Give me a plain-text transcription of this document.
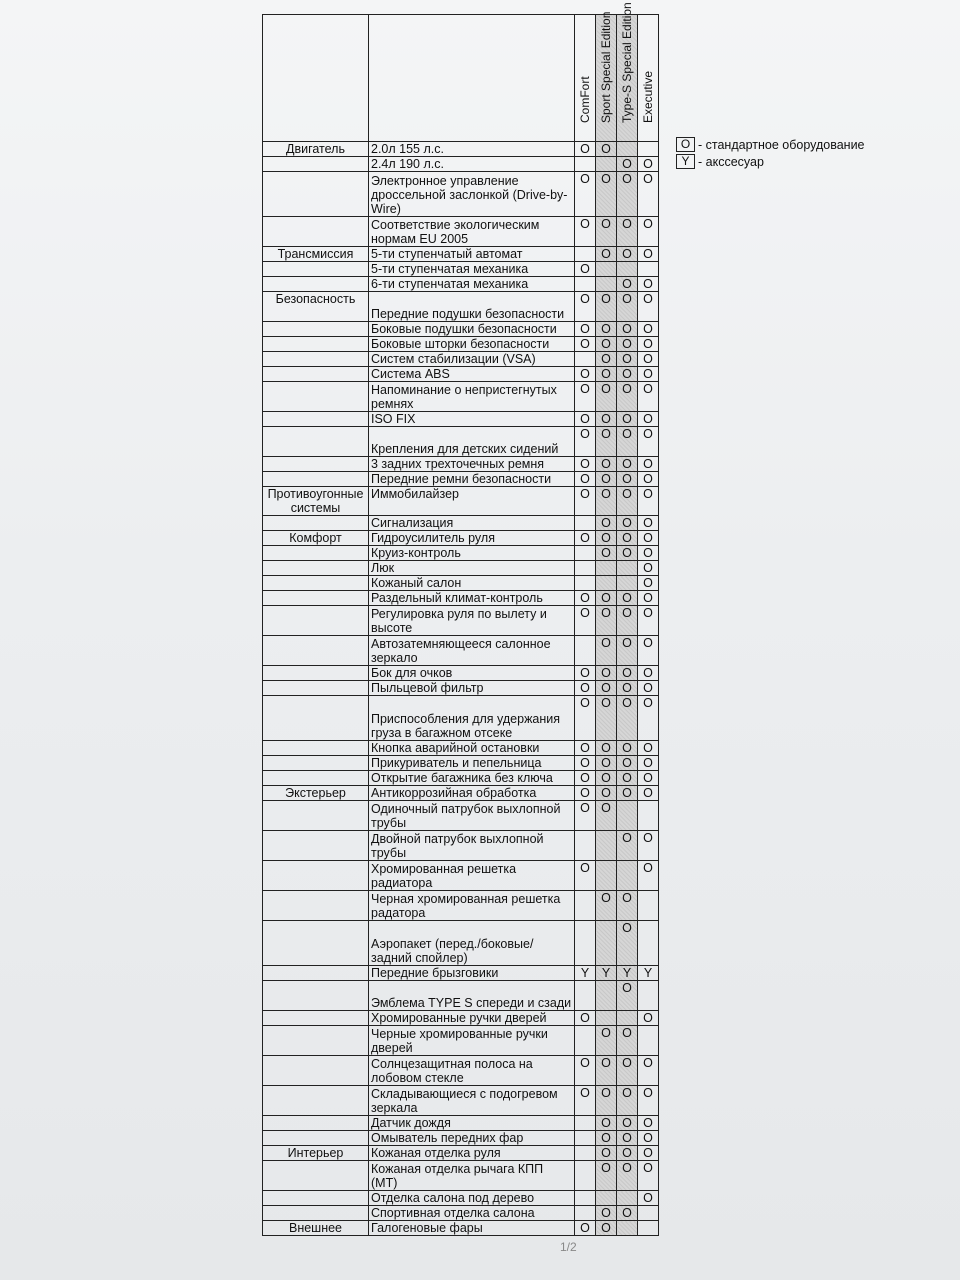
		ComFort	Sport Special Edition	Type-S Special Edition	Executive

Двигатель	2.0л 155 л.с.	O	O		
	2.4л 190 л.с.			O	O
	Электронное управление дроссельной заслонкой (Drive-by-Wire)	O	O	O	O
	Соответствие экологическим нормам EU 2005	O	O	O	O
Трансмиссия	5-ти ступенчатый автомат		O	O	O
	5-ти ступенчатая механика	O			
	6-ти ступенчатая механика			O	O
Безопасность	Передние подушки безопасности	O	O	O	O
	Боковые подушки безопасности	O	O	O	O
	Боковые шторки безопасности	O	O	O	O
	Систем стабилизации (VSA)		O	O	O
	Система ABS	O	O	O	O
	Напоминание о непристегнутых ремнях	O	O	O	O
	ISO FIX	O	O	O	O
	Крепления для детских сидений	O	O	O	O
	3 задних трехточечных ремня	O	O	O	O
	Передние ремни безопасности	O	O	O	O
Противоугонные системы	Иммобилайзер	O	O	O	O
	Сигнализация		O	O	O
Комфорт	Гидроусилитель руля	O	O	O	O
	Круиз-контроль		O	O	O
	Люк				O
	Кожаный салон				O
	Раздельный климат-контроль	O	O	O	O
	Регулировка руля по вылету и высоте	O	O	O	O
	Автозатемняющееся салонное зеркало		O	O	O
	Бок для очков	O	O	O	O
	Пыльцевой фильтр	O	O	O	O
	Приспособления для удержания груза в багажном отсеке	O	O	O	O
	Кнопка аварийной остановки	O	O	O	O
	Прикуриватель и пепельница	O	O	O	O
	Открытие багажника без ключа	O	O	O	O
Экстерьер	Антикоррозийная обработка	O	O	O	O
	Одиночный патрубок выхлопной трубы	O	O		
	Двойной патрубок выхлопной трубы			O	O
	Хромированная решетка радиатора	O			O
	Черная хромированная решетка радатора		O	O	
	Аэропакет (перед./боковые/задний спойлер)			O	
	Передние брызговики	Y	Y	Y	Y
	Эмблема TYPE S спереди и сзади			O	
	Хромированные ручки дверей	O			O
	Черные хромированные ручки дверей		O	O	
	Солнцезащитная полоса на лобовом стекле	O	O	O	O
	Складывающиеся с подогревом зеркала	O	O	O	O
	Датчик дождя		O	O	O
	Омыватель передних фар		O	O	O
Интерьер	Кожаная отделка руля		O	O	O
	Кожаная отделка рычага КПП (MT)		O	O	O
	Отделка салона под дерево				O
	Спортивная отделка салона		O	O	
Внешнее	Галогеновые фары	O	O		
O - стандартное оборудование
Y - акссесуар
1/2
